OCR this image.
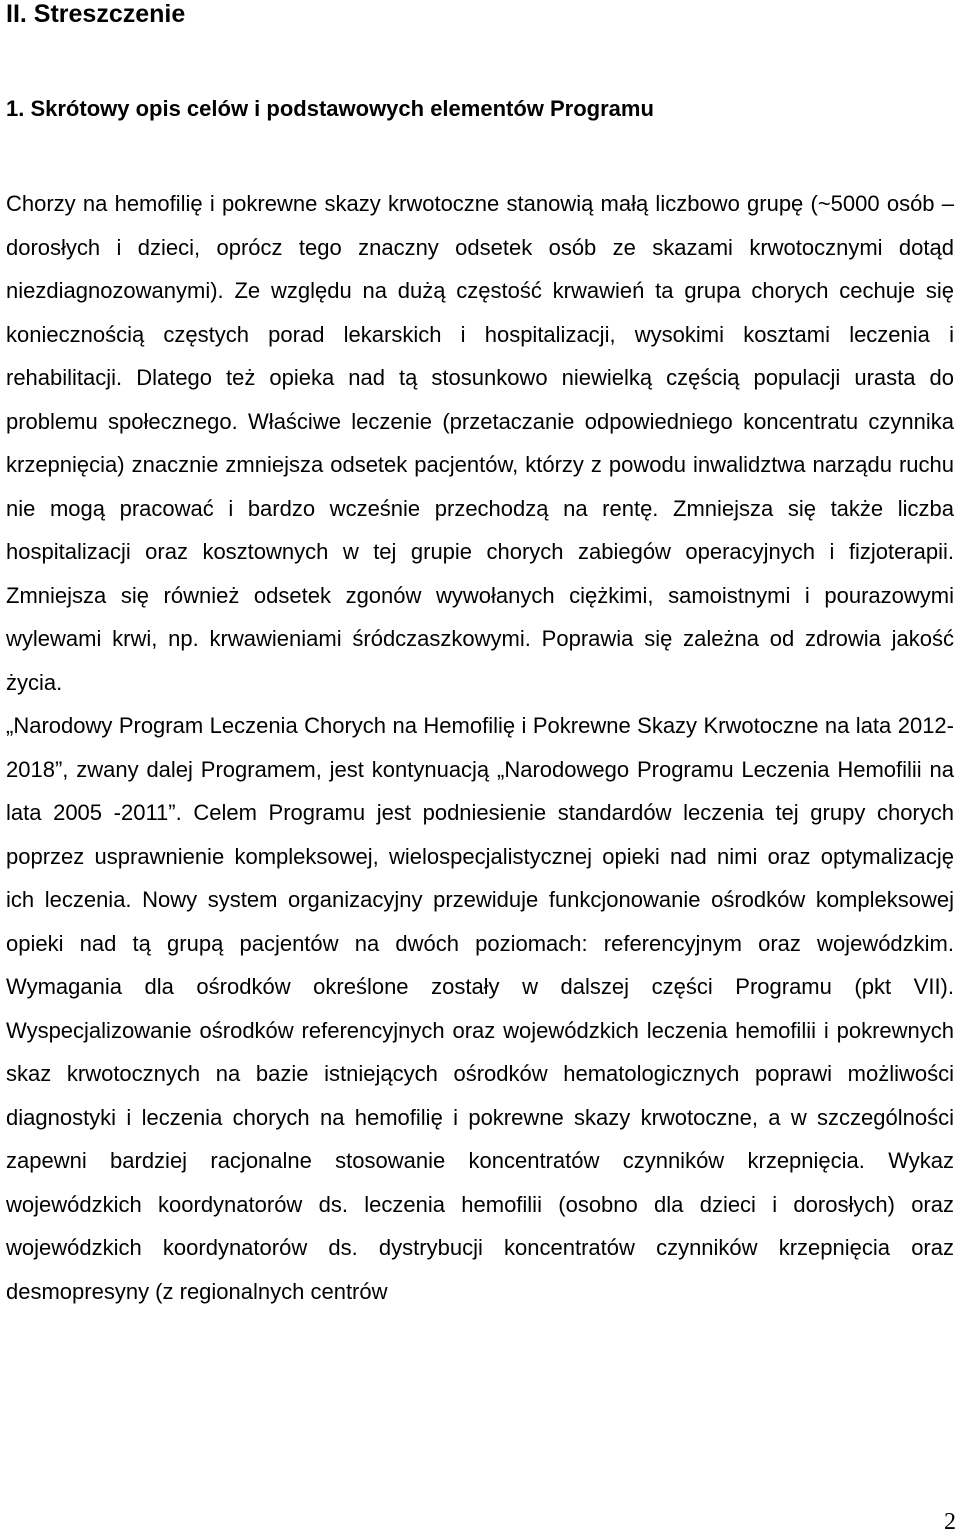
II. Streszczenie
1. Skrótowy opis celów i podstawowych elementów Programu

Chorzy na hemofilię i pokrewne skazy krwotoczne stanowią małą liczbowo grupę (~5000 osób – dorosłych i dzieci, oprócz tego znaczny odsetek osób ze skazami krwotocznymi dotąd niezdiagnozowanymi). Ze względu na dużą częstość krwawień ta grupa chorych cechuje się koniecznością częstych porad lekarskich i hospitalizacji, wysokimi kosztami leczenia i rehabilitacji. Dlatego też opieka nad tą stosunkowo niewielką częścią populacji urasta do problemu społecznego. Właściwe leczenie (przetaczanie odpowiedniego koncentratu czynnika krzepnięcia) znacznie zmniejsza odsetek pacjentów, którzy z powodu inwalidztwa narządu ruchu nie mogą pracować i bardzo wcześnie przechodzą na rentę. Zmniejsza się także liczba hospitalizacji oraz kosztownych w tej grupie chorych zabiegów operacyjnych i fizjoterapii. Zmniejsza się również odsetek zgonów wywołanych ciężkimi, samoistnymi i pourazowymi wylewami krwi, np. krwawieniami śródczaszkowymi. Poprawia się zależna od zdrowia jakość życia.

„Narodowy Program Leczenia Chorych na Hemofilię i Pokrewne Skazy Krwotoczne na lata 2012-2018”, zwany dalej Programem, jest kontynuacją „Narodowego Programu Leczenia Hemofilii na lata 2005 -2011”. Celem Programu jest podniesienie standardów leczenia tej grupy chorych poprzez usprawnienie kompleksowej, wielospecjalistycznej opieki nad nimi oraz optymalizację ich leczenia. Nowy system organizacyjny przewiduje funkcjonowanie ośrodków kompleksowej opieki nad tą grupą pacjentów na dwóch poziomach: referencyjnym oraz wojewódzkim. Wymagania dla ośrodków określone zostały w dalszej części Programu (pkt VII). Wyspecjalizowanie ośrodków referencyjnych oraz wojewódzkich leczenia hemofilii i pokrewnych skaz krwotocznych na bazie istniejących ośrodków hematologicznych poprawi możliwości diagnostyki i leczenia chorych na hemofilię i pokrewne skazy krwotoczne, a w szczególności zapewni bardziej racjonalne stosowanie koncentratów czynników krzepnięcia. Wykaz wojewódzkich koordynatorów ds. leczenia hemofilii (osobno dla dzieci i dorosłych) oraz wojewódzkich koordynatorów ds. dystrybucji koncentratów czynników krzepnięcia oraz desmopresyny (z regionalnych centrów

2
